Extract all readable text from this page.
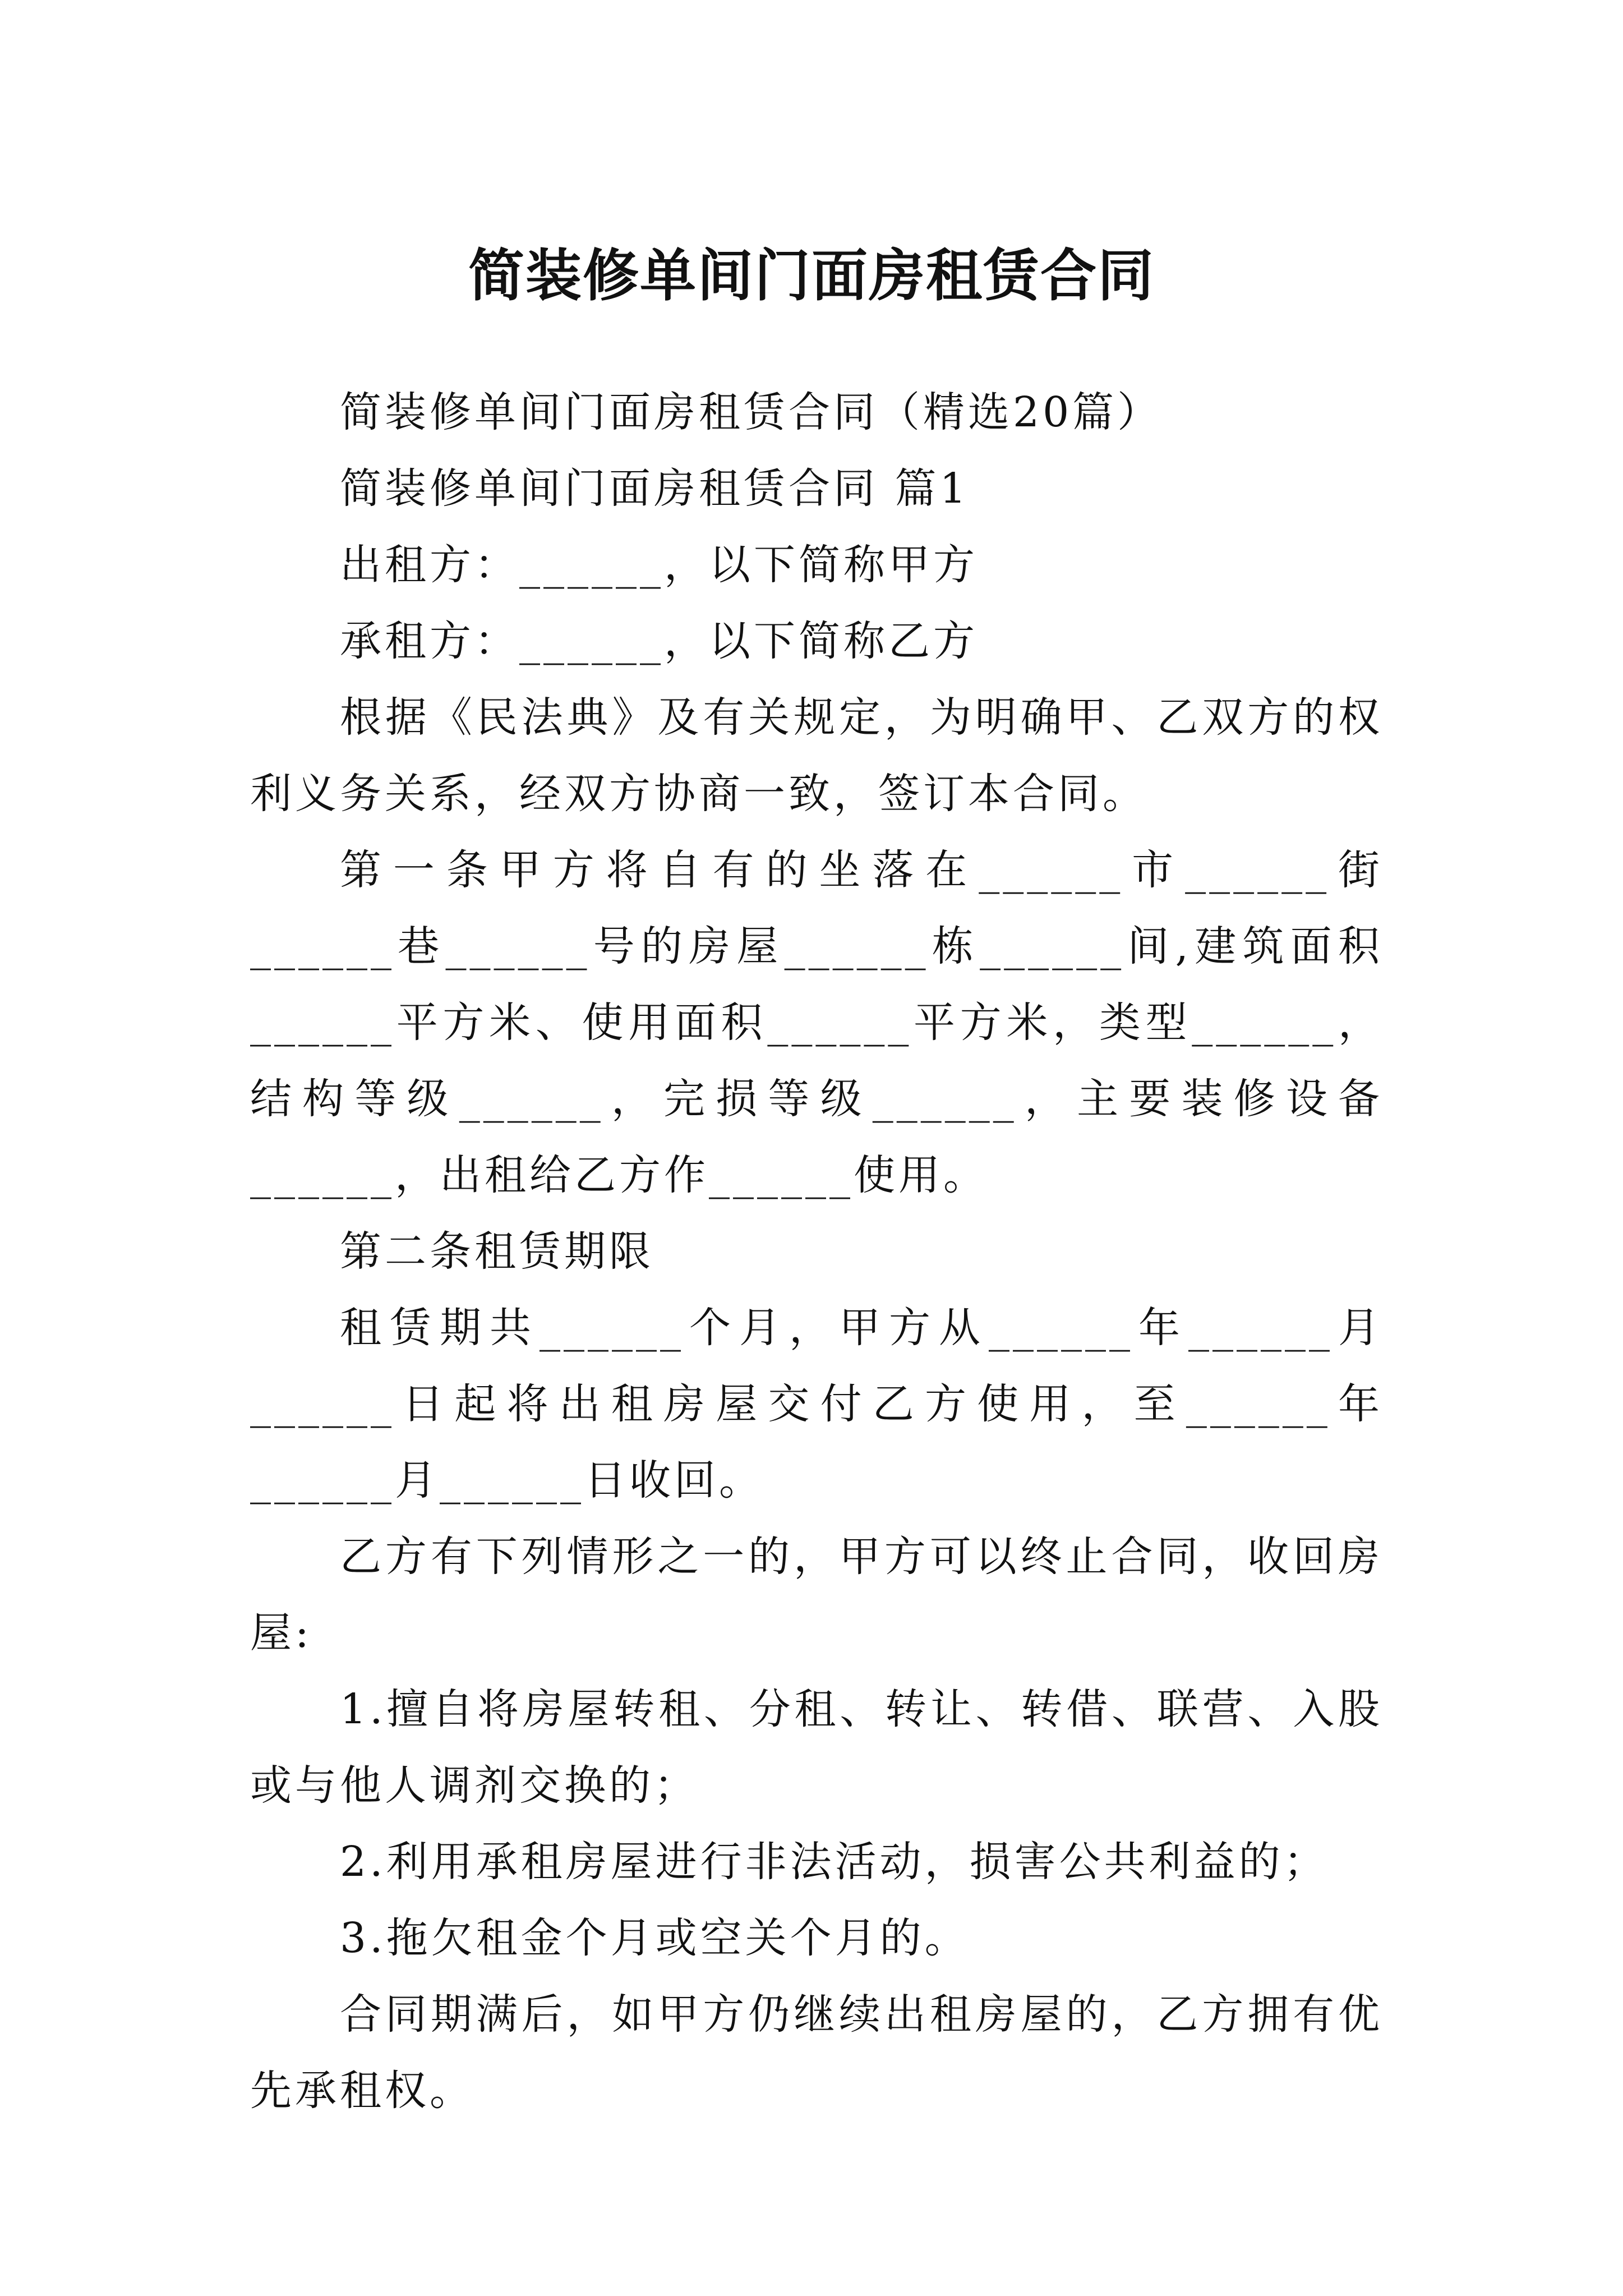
简装修单间门面房租赁合同

简装修单间门面房租赁合同（精选20篇）

简装修单间门面房租赁合同 篇1

出租方：______，以下简称甲方

承租方：______，以下简称乙方

根据《民法典》及有关规定，为明确甲、乙双方的权利义务关系，经双方协商一致，签订本合同。

第一条甲方将自有的坐落在______市______街______巷______号的房屋______栋______间,建筑面积______平方米、使用面积______平方米，类型______，结构等级______，完损等级______，主要装修设备______，出租给乙方作______使用。

第二条租赁期限

租赁期共______个月，甲方从______年______月______日起将出租房屋交付乙方使用，至______年______月______日收回。

乙方有下列情形之一的，甲方可以终止合同，收回房屋:

1.擅自将房屋转租、分租、转让、转借、联营、入股或与他人调剂交换的；

2.利用承租房屋进行非法活动，损害公共利益的；

3.拖欠租金个月或空关个月的。

合同期满后，如甲方仍继续出租房屋的，乙方拥有优先承租权。
